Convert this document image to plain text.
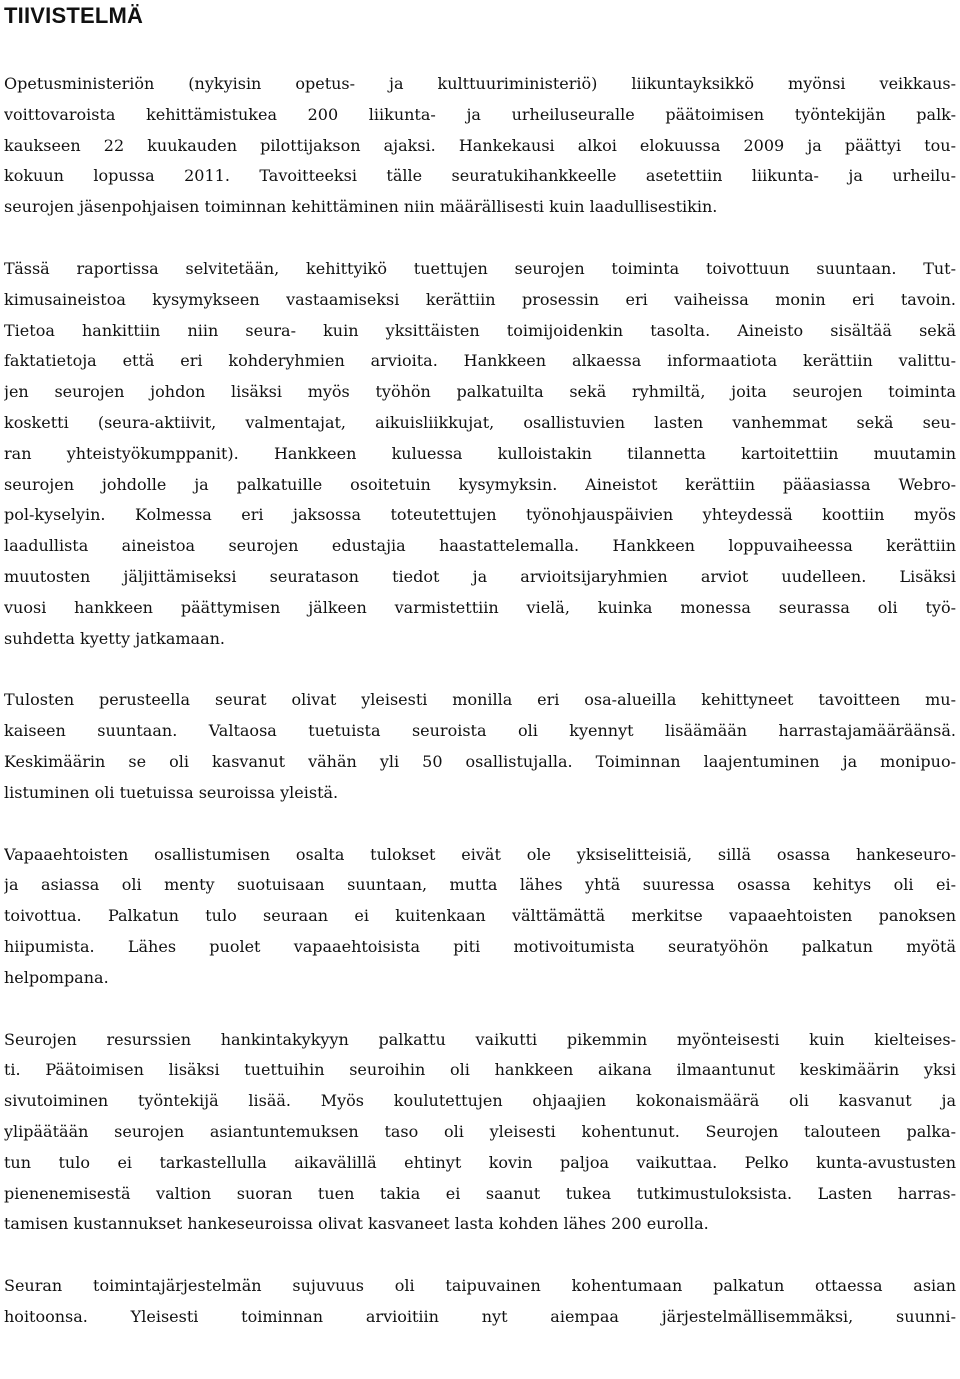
TIIVISTELMÄ

Opetusministeriön (nykyisin opetus- ja kulttuuriministeriö) liikuntayksikkö myönsi veikkaus-
voittovaroista kehittämistukea 200 liikunta- ja urheiluseuralle päätoimisen työntekijän palk-
kaukseen 22 kuukauden pilottijakson ajaksi. Hankekausi alkoi elokuussa 2009 ja päättyi tou-
kokuun lopussa 2011. Tavoitteeksi tälle seuratukihankkeelle asetettiin liikunta- ja urheilu-
seurojen jäsenpohjaisen toiminnan kehittäminen niin määrällisesti kuin laadullisestikin.

Tässä raportissa selvitetään, kehittyikö tuettujen seurojen toiminta toivottuun suuntaan. Tut-
kimusaineistoa kysymykseen vastaamiseksi kerättiin prosessin eri vaiheissa monin eri tavoin.
Tietoa hankittiin niin seura- kuin yksittäisten toimijoidenkin tasolta. Aineisto sisältää sekä
faktatietoja että eri kohderyhmien arvioita. Hankkeen alkaessa informaatiota kerättiin valittu-
jen seurojen johdon lisäksi myös työhön palkatuilta sekä ryhmiltä, joita seurojen toiminta
kosketti (seura-aktiivit, valmentajat, aikuisliikkujat, osallistuvien lasten vanhemmat sekä seu-
ran yhteistyökumppanit). Hankkeen kuluessa kulloistakin tilannetta kartoitettiin muutamin
seurojen johdolle ja palkatuille osoitetuin kysymyksin. Aineistot kerättiin pääasiassa Webro-
pol-kyselyin. Kolmessa eri jaksossa toteutettujen työnohjauspäivien yhteydessä koottiin myös
laadullista aineistoa seurojen edustajia haastattelemalla. Hankkeen loppuvaiheessa kerättiin
muutosten jäljittämiseksi seuratason tiedot ja arvioitsijaryhmien arviot uudelleen. Lisäksi
vuosi hankkeen päättymisen jälkeen varmistettiin vielä, kuinka monessa seurassa oli työ-
suhdetta kyetty jatkamaan.

Tulosten perusteella seurat olivat yleisesti monilla eri osa-alueilla kehittyneet tavoitteen mu-
kaiseen suuntaan. Valtaosa tuetuista seuroista oli kyennyt lisäämään harrastajamääräänsä.
Keskimäärin se oli kasvanut vähän yli 50 osallistujalla. Toiminnan laajentuminen ja monipuo-
listuminen oli tuetuissa seuroissa yleistä.

Vapaaehtoisten osallistumisen osalta tulokset eivät ole yksiselitteisiä, sillä osassa hankeseuro-
ja asiassa oli menty suotuisaan suuntaan, mutta lähes yhtä suuressa osassa kehitys oli ei-
toivottua. Palkatun tulo seuraan ei kuitenkaan välttämättä merkitse vapaaehtoisten panoksen
hiipumista. Lähes puolet vapaaehtoisista piti motivoitumista seuratyöhön palkatun myötä
helpompana.

Seurojen resurssien hankintakykyyn palkattu vaikutti pikemmin myönteisesti kuin kielteises-
ti. Päätoimisen lisäksi tuettuihin seuroihin oli hankkeen aikana ilmaantunut keskimäärin yksi
sivutoiminen työntekijä lisää. Myös koulutettujen ohjaajien kokonaismäärä oli kasvanut ja
ylipäätään seurojen asiantuntemuksen taso oli yleisesti kohentunut. Seurojen talouteen palka-
tun tulo ei tarkastellulla aikavälillä ehtinyt kovin paljoa vaikuttaa. Pelko kunta-avustusten
pienenemisestä valtion suoran tuen takia ei saanut tukea tutkimustuloksista. Lasten harras-
tamisen kustannukset hankeseuroissa olivat kasvaneet lasta kohden lähes 200 eurolla.

Seuran toimintajärjestelmän sujuvuus oli taipuvainen kohentumaan palkatun ottaessa asian
hoitoonsa. Yleisesti toiminnan arvioitiin nyt aiempaa järjestelmällisemmäksi, suunni-
